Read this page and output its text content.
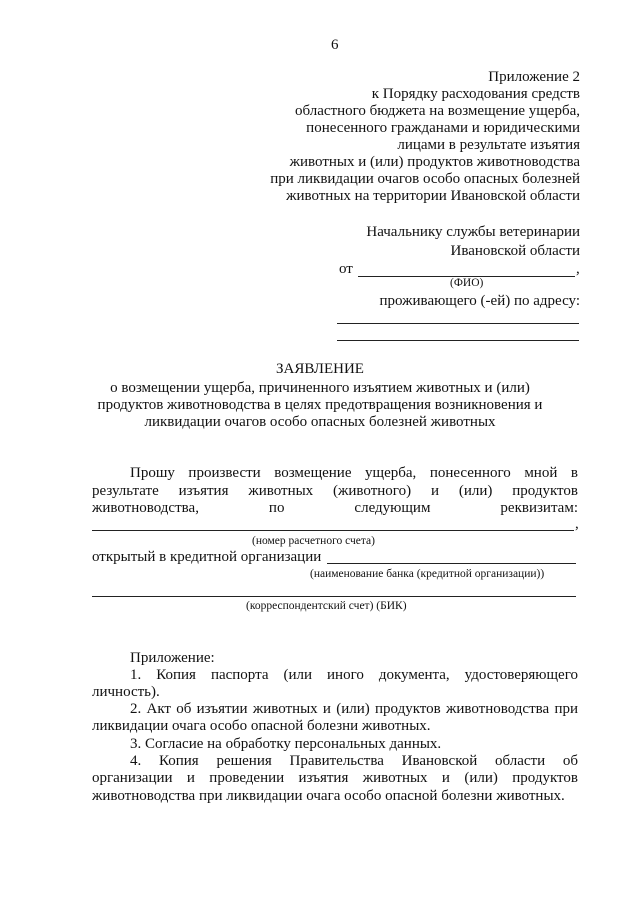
6
Приложение 2
к Порядку расходования средств
областного бюджета на возмещение ущерба,
понесенного гражданами и юридическими
лицами в результате изъятия
животных и (или) продуктов животноводства
при ликвидации очагов особо опасных болезней
животных на территории Ивановской области
Начальнику службы ветеринарии
Ивановской области
от	,
(ФИО)
проживающего (-ей) по адресу:
ЗАЯВЛЕНИЕ
о возмещении ущерба, причиненного изъятием животных и (или)
продуктов животноводства в целях предотвращения возникновения и
ликвидации очагов особо опасных болезней животных
Прошу произвести возмещение ущерба, понесенного мной в
результате изъятия животных (животного) и (или) продуктов
животноводства, по следующим реквизитам:
,
(номер расчетного счета)
открытый в кредитной организации
(наименование банка (кредитной организации))
(корреспондентский счет) (БИК)
Приложение:
1. Копия паспорта (или иного документа, удостоверяющего
личность).
2. Акт об изъятии животных и (или) продуктов животноводства при
ликвидации очага особо опасной болезни животных.
3. Согласие на обработку персональных данных.
4. Копия решения Правительства Ивановской области об
организации и проведении изъятия животных и (или) продуктов
животноводства при ликвидации очага особо опасной болезни животных.
